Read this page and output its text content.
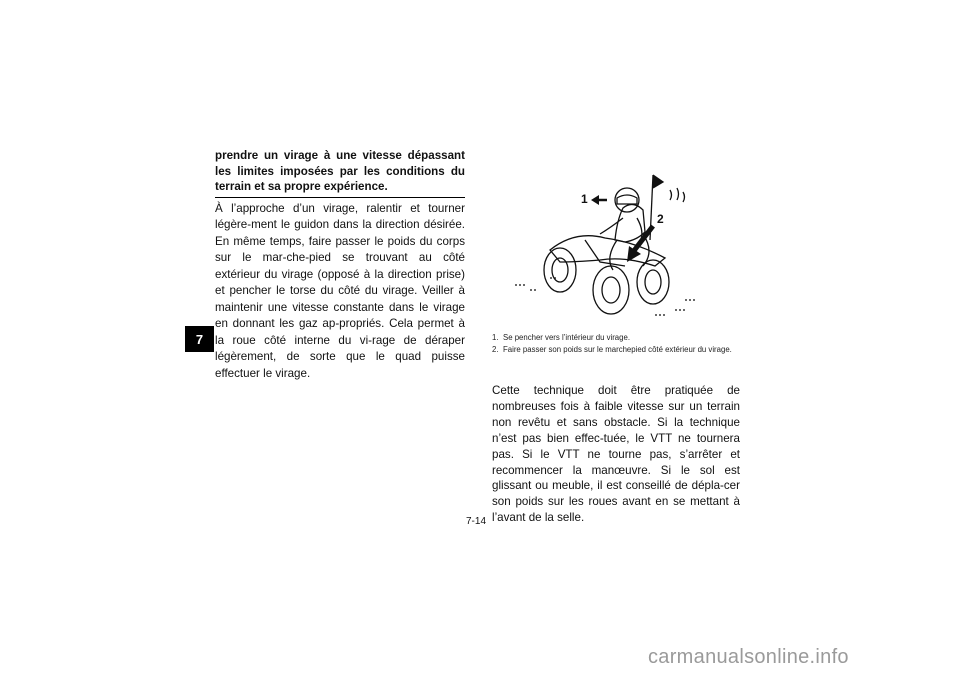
7
prendre un virage à une vitesse dépassant les limites imposées par les conditions du terrain et sa propre expérience.
À l’approche d’un virage, ralentir et tourner légère-ment le guidon dans la direction désirée. En même temps, faire passer le poids du corps sur le mar-che-pied se trouvant au côté extérieur du virage (opposé à la direction prise) et pencher le torse du côté du virage. Veiller à maintenir une vitesse constante dans le virage en donnant les gaz ap-propriés. Cela permet à la roue côté interne du vi-rage de déraper légèrement, de sorte que le quad puisse effectuer le virage.
1
2
1. Se pencher vers l’intérieur du virage.
2. Faire passer son poids sur le marchepied côté extérieur du virage.
Cette technique doit être pratiquée de nombreuses fois à faible vitesse sur un terrain non revêtu et sans obstacle. Si la technique n’est pas bien effec-tuée, le VTT ne tournera pas. Si le VTT ne tourne pas, s’arrêter et recommencer la manœuvre. Si le sol est glissant ou meuble, il est conseillé de dépla-cer son poids sur les roues avant en se mettant à l’avant de la selle.
7-14
carmanualsonline.info
